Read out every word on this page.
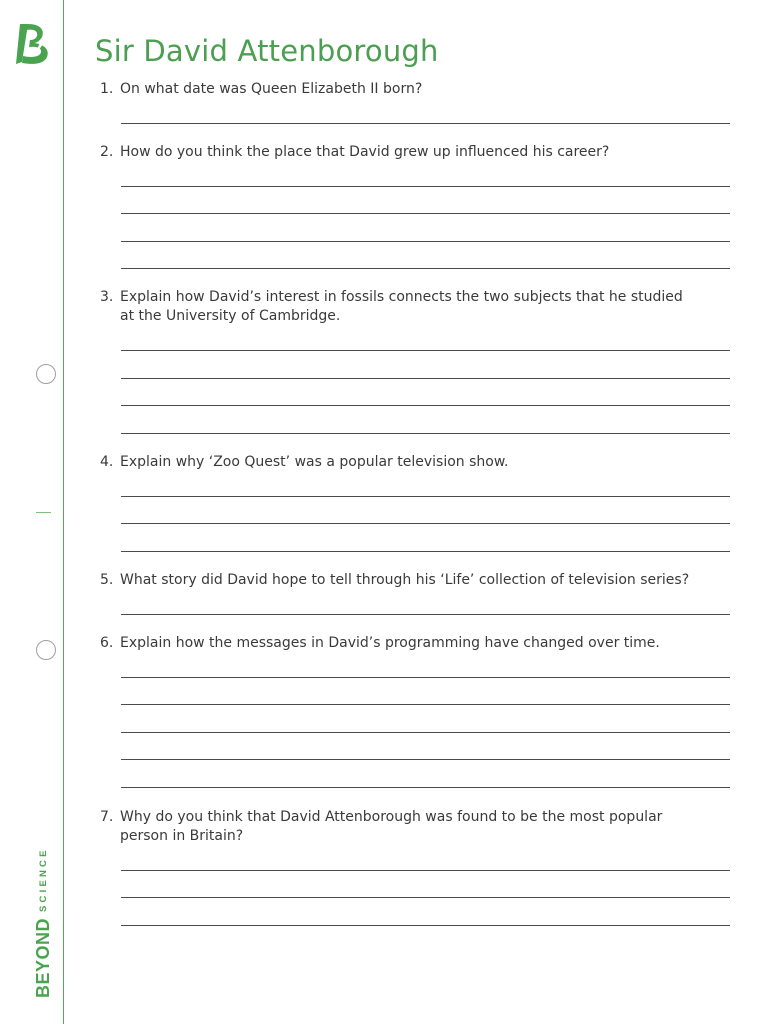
BEYONDSCIENCE
Sir David Attenborough
1. On what date was Queen Elizabeth II born?
2. How do you think the place that David grew up influenced his career?
3. Explain how David’s interest in fossils connects the two subjects that he studied at the University of Cambridge.
4. Explain why ‘Zoo Quest’ was a popular television show.
5. What story did David hope to tell through his ‘Life’ collection of television series?
6. Explain how the messages in David’s programming have changed over time.
7. Why do you think that David Attenborough was found to be the most popular person in Britain?
